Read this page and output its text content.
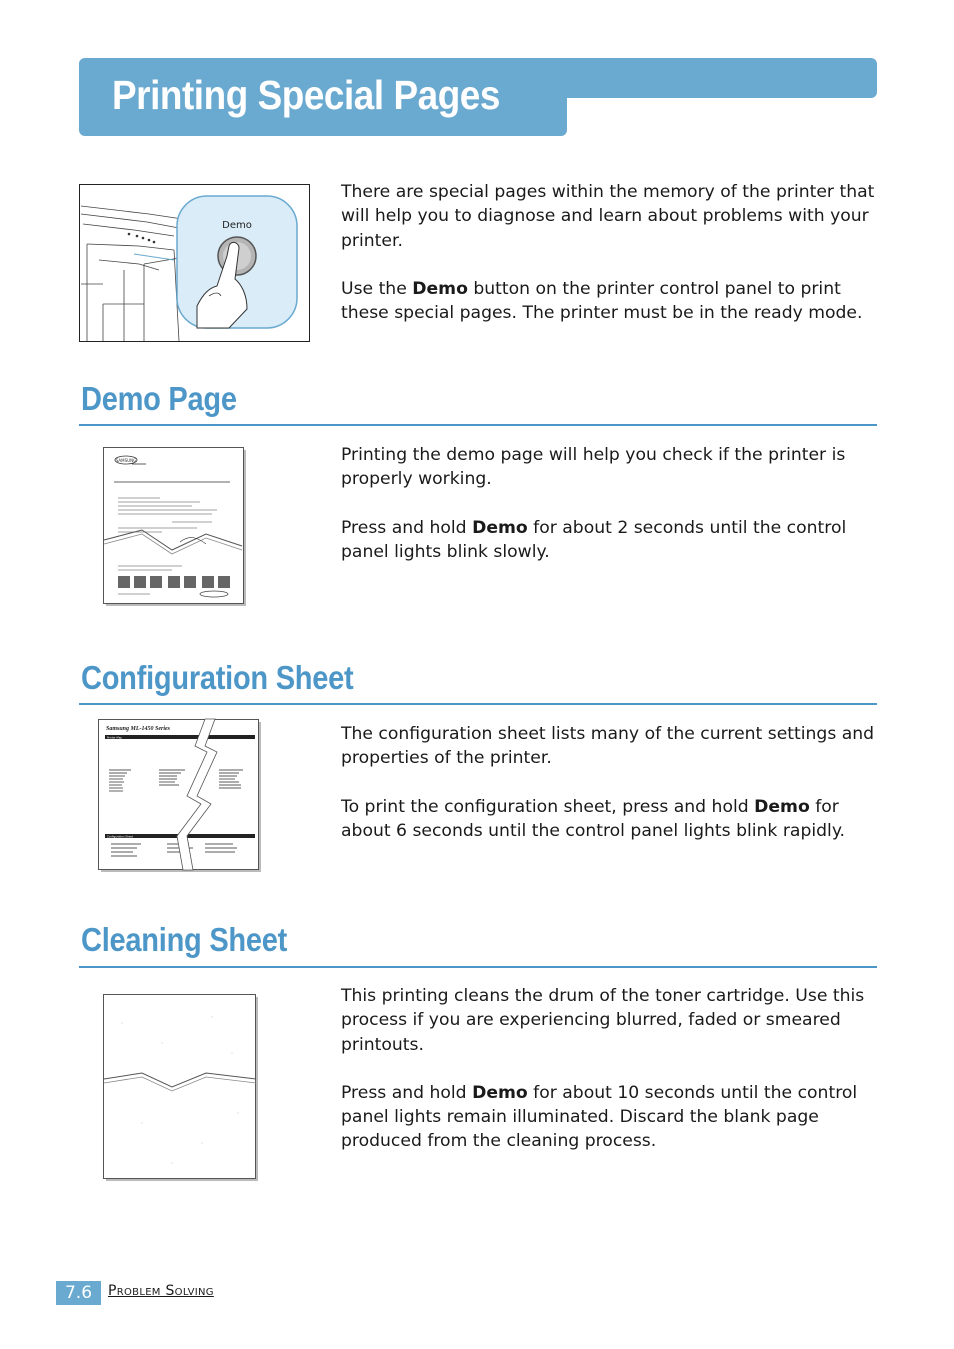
Printing Special Pages
Demo

There are special pages within the memory of the printer that will help you to diagnose and learn about problems with your printer.

Use the Demo button on the printer control panel to print these special pages. The printer must be in the ready mode.

Demo Page
SAMSUNG	Printing the demo page will help you check if the printer is properly working.

Press and hold Demo for about 2 seconds until the control panel lights blink slowly.

Configuration Sheet
Samsung ML-1450 Series
Printer Map
Configuration Sheet

The configuration sheet lists many of the current settings and properties of the printer.

To print the configuration sheet, press and hold Demo for about 6 seconds until the control panel lights blink rapidly.

Cleaning Sheet

This printing cleans the drum of the toner cartridge. Use this process if you are experiencing blurred, faded or smeared printouts.

Press and hold Demo for about 10 seconds until the control panel lights remain illuminated. Discard the blank page produced from the cleaning process.

7.6	Problem Solving
